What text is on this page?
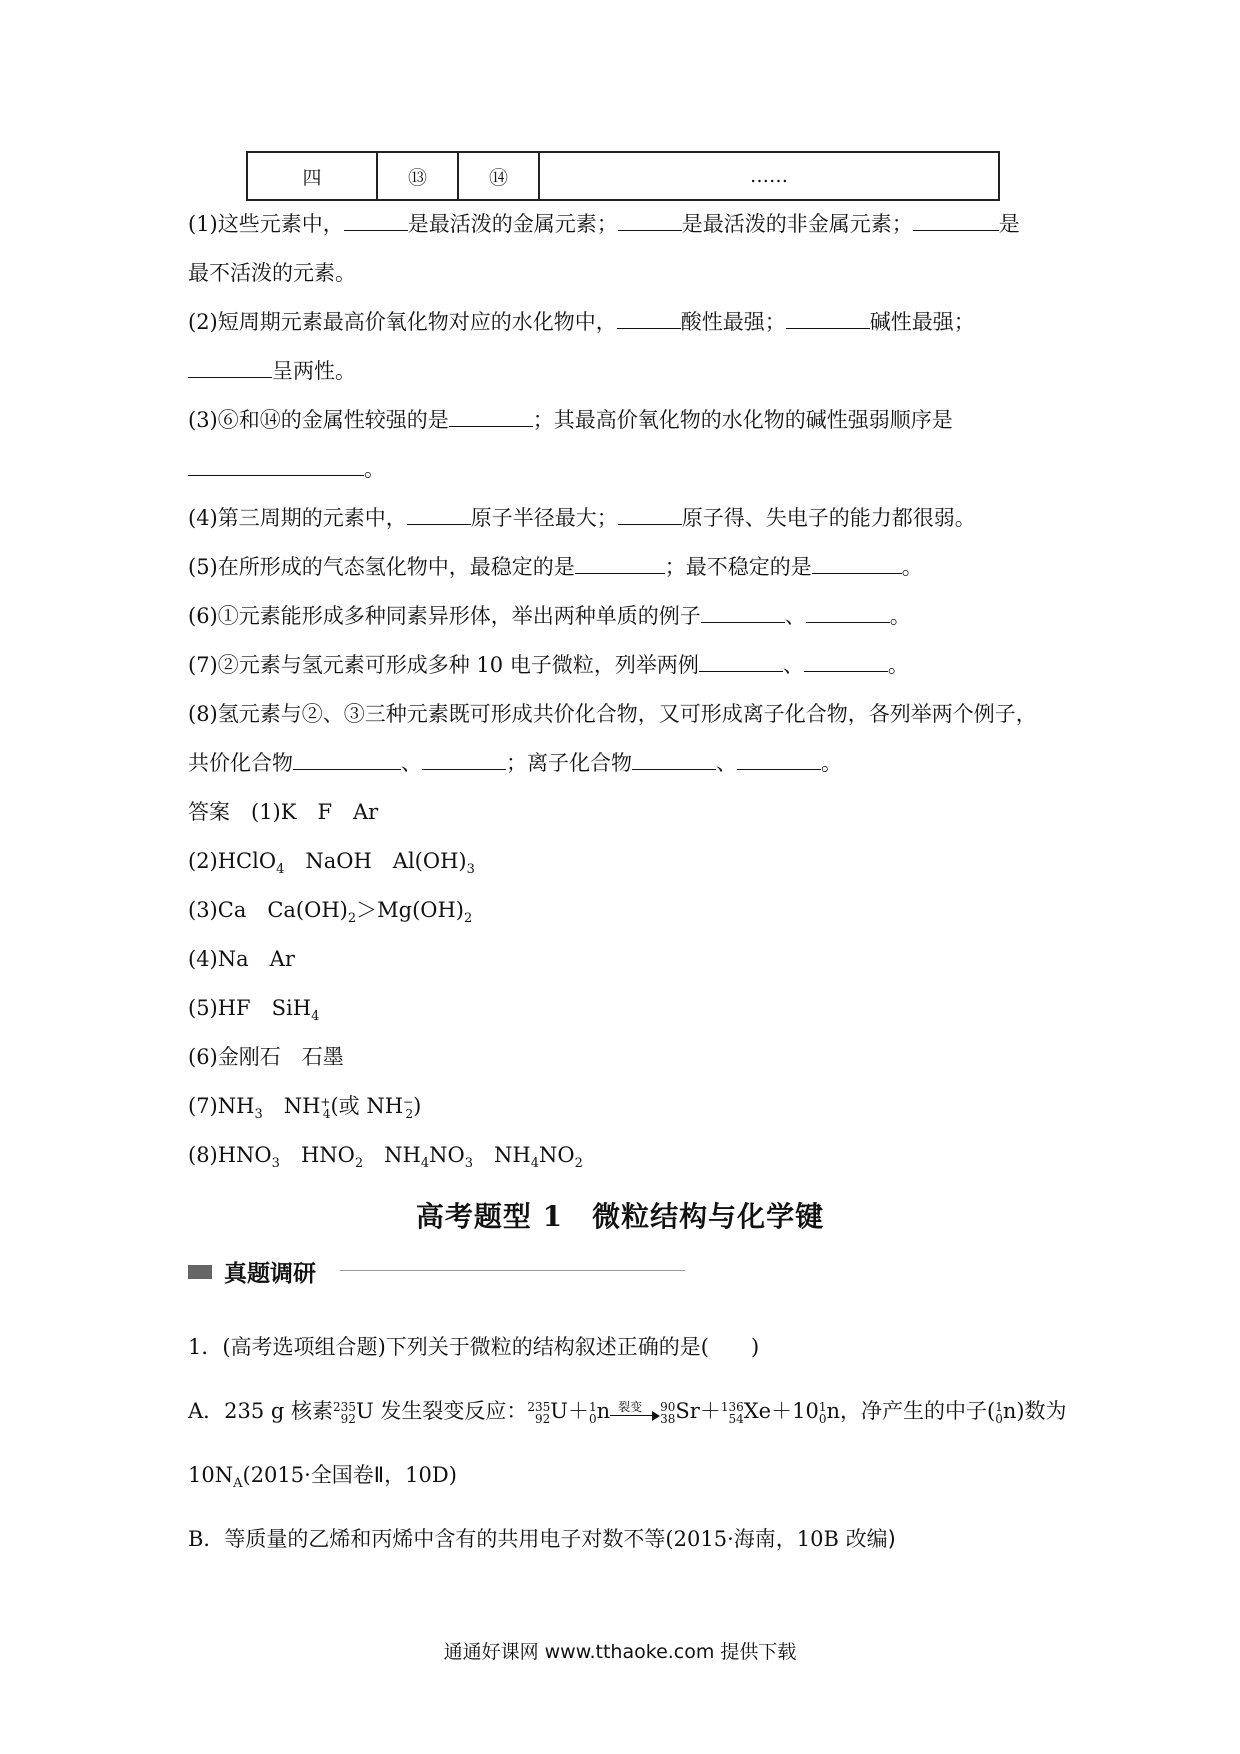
四	⑬	⑭	……
(1)这些元素中，	是最活泼的金属元素；	是最活泼的非金属元素；	是
最不活泼的元素。
(2)短周期元素最高价氧化物对应的水化物中，	酸性最强；	碱性最强；
呈两性。
(3)⑥和⑭的金属性较强的是	；其最高价氧化物的水化物的碱性强弱顺序是
。
(4)第三周期的元素中，	原子半径最大；	原子得、失电子的能力都很弱。
(5)在所形成的气态氢化物中，最稳定的是	；最不稳定的是	。
(6)①元素能形成多种同素异形体，举出两种单质的例子	、	。
(7)②元素与氢元素可形成多种 10 电子微粒，列举两例	、	。
(8)氢元素与②、③三种元素既可形成共价化合物，又可形成离子化合物，各列举两个例子，
共价化合物	、	；离子化合物	、	。
答案　 (1)K　 F　 Ar
(2)HClO$_4$　 NaOH　 $Al(OH)_3$
(3)Ca　 $Ca(OH)_2>Mg(OH)_2$
(4)Na　 Ar
(5)HF　 SiH$_4$
(6)金刚石　 石墨
$(7)NH_3$　 NH +
4 (或 NH −
2 )
$(8)HNO_3$　 $HNO_2$　 $NH_4NO_3$　 $NH_4NO_2$
高考题型 1　微粒结构与化学键
真题调研
1．(高考选项组合题)下列关于微粒的结构叙述正确的是(　　 )
A．235 g 核素 235
92 U 发生裂变反应： 235
92 U＋ 1
0 n 裂变 90
38 Sr＋ 136
54 Xe＋10 1
0 n，净产生的中子( 1
0 n)数为
$10N_A(2015\cdot$全国卷Ⅱ，10D)
B．等质量的乙烯和丙烯中含有的共用电子对数不等(2015·海南，10B 改编)
通通好课网 www.tthaoke.com 提供下载
